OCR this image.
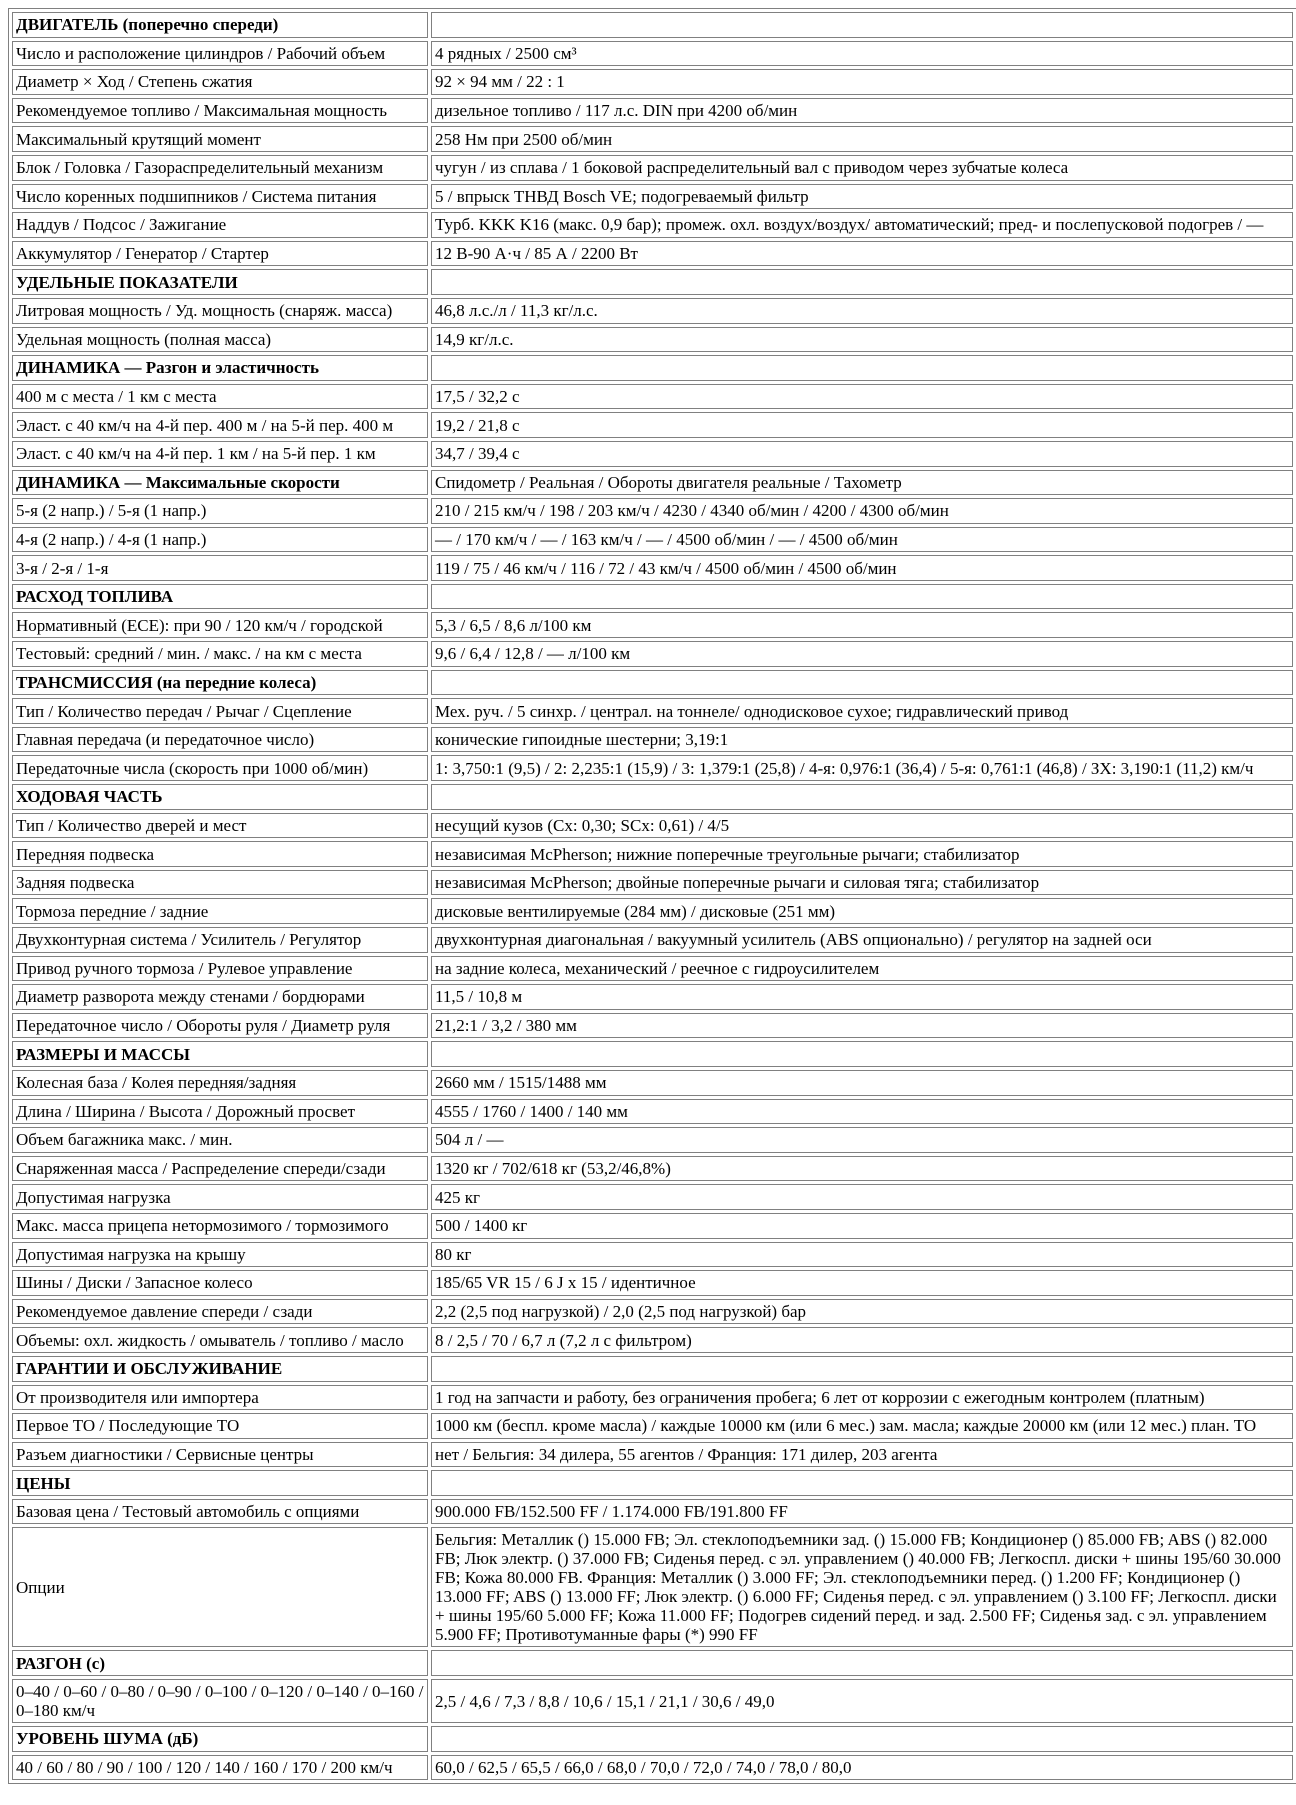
ДВИГАТЕЛЬ (поперечно спереди)	
Число и расположение цилиндров / Рабочий объем	4 рядных / 2500 см³
Диаметр × Ход / Степень сжатия	92 × 94 мм / 22 : 1
Рекомендуемое топливо / Максимальная мощность	дизельное топливо / 117 л.с. DIN при 4200 об/мин
Максимальный крутящий момент	258 Нм при 2500 об/мин
Блок / Головка / Газораспределительный механизм	чугун / из сплава / 1 боковой распределительный вал с приводом через зубчатые колеса
Число коренных подшипников / Система питания	5 / впрыск ТНВД Bosch VE; подогреваемый фильтр
Наддув / Подсос / Зажигание	Турб. KKK K16 (макс. 0,9 бар); промеж. охл. воздух/воздух/ автоматический; пред- и послепусковой подогрев / —
Аккумулятор / Генератор / Стартер	12 В-90 А·ч / 85 А / 2200 Вт
УДЕЛЬНЫЕ ПОКАЗАТЕЛИ	
Литровая мощность / Уд. мощность (снаряж. масса)	46,8 л.с./л / 11,3 кг/л.с.
Удельная мощность (полная масса)	14,9 кг/л.с.
ДИНАМИКА — Разгон и эластичность	
400 м с места / 1 км с места	17,5 / 32,2 с
Эласт. с 40 км/ч на 4-й пер. 400 м / на 5-й пер. 400 м	19,2 / 21,8 с
Эласт. с 40 км/ч на 4-й пер. 1 км / на 5-й пер. 1 км	34,7 / 39,4 с
ДИНАМИКА — Максимальные скорости	Спидометр / Реальная / Обороты двигателя реальные / Тахометр
5-я (2 напр.) / 5-я (1 напр.)	210 / 215 км/ч / 198 / 203 км/ч / 4230 / 4340 об/мин / 4200 / 4300 об/мин
4-я (2 напр.) / 4-я (1 напр.)	— / 170 км/ч / — / 163 км/ч / — / 4500 об/мин / — / 4500 об/мин
3-я / 2-я / 1-я	119 / 75 / 46 км/ч / 116 / 72 / 43 км/ч / 4500 об/мин / 4500 об/мин
РАСХОД ТОПЛИВА	
Нормативный (ECE): при 90 / 120 км/ч / городской	5,3 / 6,5 / 8,6 л/100 км
Тестовый: средний / мин. / макс. / на км с места	9,6 / 6,4 / 12,8 / — л/100 км
ТРАНСМИССИЯ (на передние колеса)	
Тип / Количество передач / Рычаг / Сцепление	Мех. руч. / 5 синхр. / централ. на тоннеле/ однодисковое сухое; гидравлический привод
Главная передача (и передаточное число)	конические гипоидные шестерни; 3,19:1
Передаточные числа (скорость при 1000 об/мин)	1: 3,750:1 (9,5) / 2: 2,235:1 (15,9) / 3: 1,379:1 (25,8) / 4-я: 0,976:1 (36,4) / 5-я: 0,761:1 (46,8) / ЗХ: 3,190:1 (11,2) км/ч
ХОДОВАЯ ЧАСТЬ	
Тип / Количество дверей и мест	несущий кузов (Cx: 0,30; SCx: 0,61) / 4/5
Передняя подвеска	независимая McPherson; нижние поперечные треугольные рычаги; стабилизатор
Задняя подвеска	независимая McPherson; двойные поперечные рычаги и силовая тяга; стабилизатор
Тормоза передние / задние	дисковые вентилируемые (284 мм) / дисковые (251 мм)
Двухконтурная система / Усилитель / Регулятор	двухконтурная диагональная / вакуумный усилитель (ABS опционально) / регулятор на задней оси
Привод ручного тормоза / Рулевое управление	на задние колеса, механический / реечное с гидроусилителем
Диаметр разворота между стенами / бордюрами	11,5 / 10,8 м
Передаточное число / Обороты руля / Диаметр руля	21,2:1 / 3,2 / 380 мм
РАЗМЕРЫ И МАССЫ	
Колесная база / Колея передняя/задняя	2660 мм / 1515/1488 мм
Длина / Ширина / Высота / Дорожный просвет	4555 / 1760 / 1400 / 140 мм
Объем багажника макс. / мин.	504 л / —
Снаряженная масса / Распределение спереди/сзади	1320 кг / 702/618 кг (53,2/46,8%)
Допустимая нагрузка	425 кг
Макс. масса прицепа нетормозимого / тормозимого	500 / 1400 кг
Допустимая нагрузка на крышу	80 кг
Шины / Диски / Запасное колесо	185/65 VR 15 / 6 J x 15 / идентичное
Рекомендуемое давление спереди / сзади	2,2 (2,5 под нагрузкой) / 2,0 (2,5 под нагрузкой) бар
Объемы: охл. жидкость / омыватель / топливо / масло	8 / 2,5 / 70 / 6,7 л (7,2 л с фильтром)
ГАРАНТИИ И ОБСЛУЖИВАНИЕ	
От производителя или импортера	1 год на запчасти и работу, без ограничения пробега; 6 лет от коррозии с ежегодным контролем (платным)
Первое ТО / Последующие ТО	1000 км (беспл. кроме масла) / каждые 10000 км (или 6 мес.) зам. масла; каждые 20000 км (или 12 мес.) план. ТО
Разъем диагностики / Сервисные центры	нет / Бельгия: 34 дилера, 55 агентов / Франция: 171 дилер, 203 агента
ЦЕНЫ	
Базовая цена / Тестовый автомобиль с опциями	900.000 FB/152.500 FF / 1.174.000 FB/191.800 FF
Опции	Бельгия: Металлик () 15.000 FB; Эл. стеклоподъемники зад. () 15.000 FB; Кондиционер () 85.000 FB; ABS () 82.000 FB; Люк электр. () 37.000 FB; Сиденья перед. с эл. управлением () 40.000 FB; Легкоспл. диски + шины 195/60 30.000 FB; Кожа 80.000 FB. Франция: Металлик () 3.000 FF; Эл. стеклоподъемники перед. () 1.200 FF; Кондиционер () 13.000 FF; ABS () 13.000 FF; Люк электр. () 6.000 FF; Сиденья перед. с эл. управлением () 3.100 FF; Легкоспл. диски + шины 195/60 5.000 FF; Кожа 11.000 FF; Подогрев сидений перед. и зад. 2.500 FF; Сиденья зад. с эл. управлением 5.900 FF; Противотуманные фары (*) 990 FF
РАЗГОН (с)	
0–40 / 0–60 / 0–80 / 0–90 / 0–100 / 0–120 / 0–140 / 0–160 / 0–180 км/ч	2,5 / 4,6 / 7,3 / 8,8 / 10,6 / 15,1 / 21,1 / 30,6 / 49,0
УРОВЕНЬ ШУМА (дБ)	
40 / 60 / 80 / 90 / 100 / 120 / 140 / 160 / 170 / 200 км/ч	60,0 / 62,5 / 65,5 / 66,0 / 68,0 / 70,0 / 72,0 / 74,0 / 78,0 / 80,0
